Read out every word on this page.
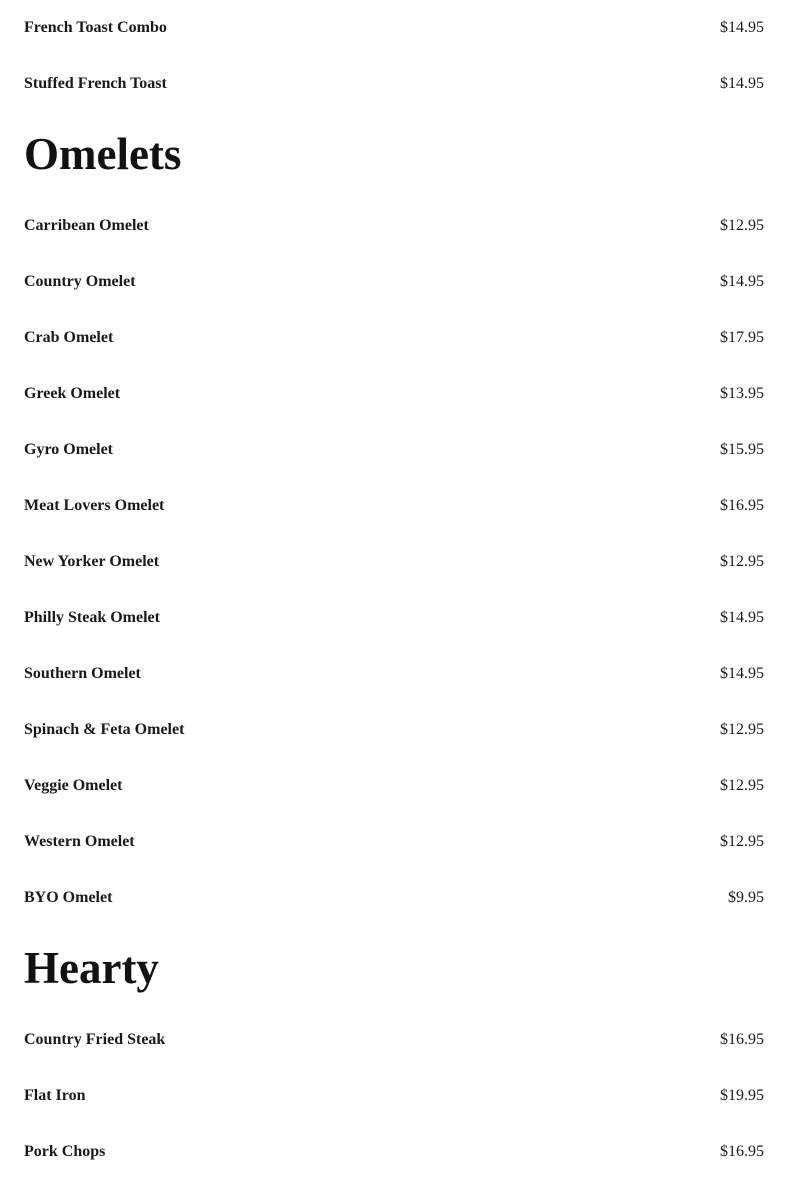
French Toast Combo	$14.95
Stuffed French Toast	$14.95
Omelets
Carribean Omelet	$12.95
Country Omelet	$14.95
Crab Omelet	$17.95
Greek Omelet	$13.95
Gyro Omelet	$15.95
Meat Lovers Omelet	$16.95
New Yorker Omelet	$12.95
Philly Steak Omelet	$14.95
Southern Omelet	$14.95
Spinach & Feta Omelet	$12.95
Veggie Omelet	$12.95
Western Omelet	$12.95
BYO Omelet	$9.95
Hearty
Country Fried Steak	$16.95
Flat Iron	$19.95
Pork Chops	$16.95
